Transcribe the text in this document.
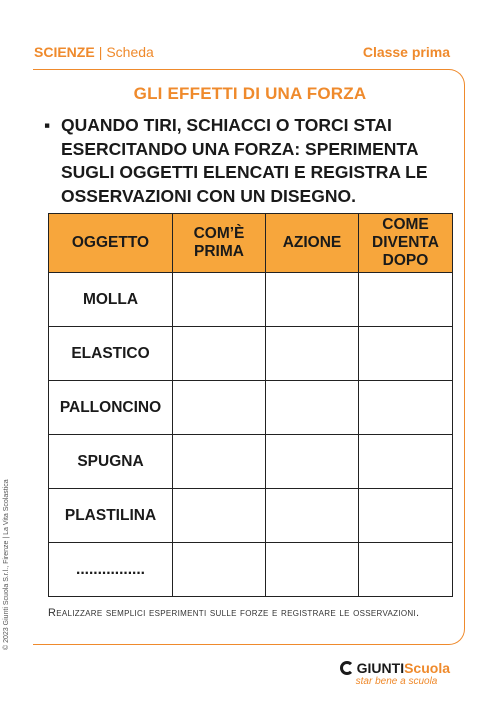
SCIENZE | Scheda	Classe prima
GLI EFFETTI DI UNA FORZA
▪ QUANDO TIRI, SCHIACCI O TORCI STAI ESERCITANDO UNA FORZA: SPERIMENTA SUGLI OGGETTI ELENCATI E REGISTRA LE OSSERVAZIONI CON UN DISEGNO.
OGGETTO	COM’È PRIMA	AZIONE	COME DIVENTA DOPO
MOLLA			
ELASTICO			
PALLONCINO			
SPUGNA			
PLASTILINA			
................			
Realizzare semplici esperimenti sulle forze e registrare le osservazioni.
© 2023 Giunti Scuola S.r.l., Firenze | La Vita Scolastica
GIUNTI Scuola
star bene a scuola
